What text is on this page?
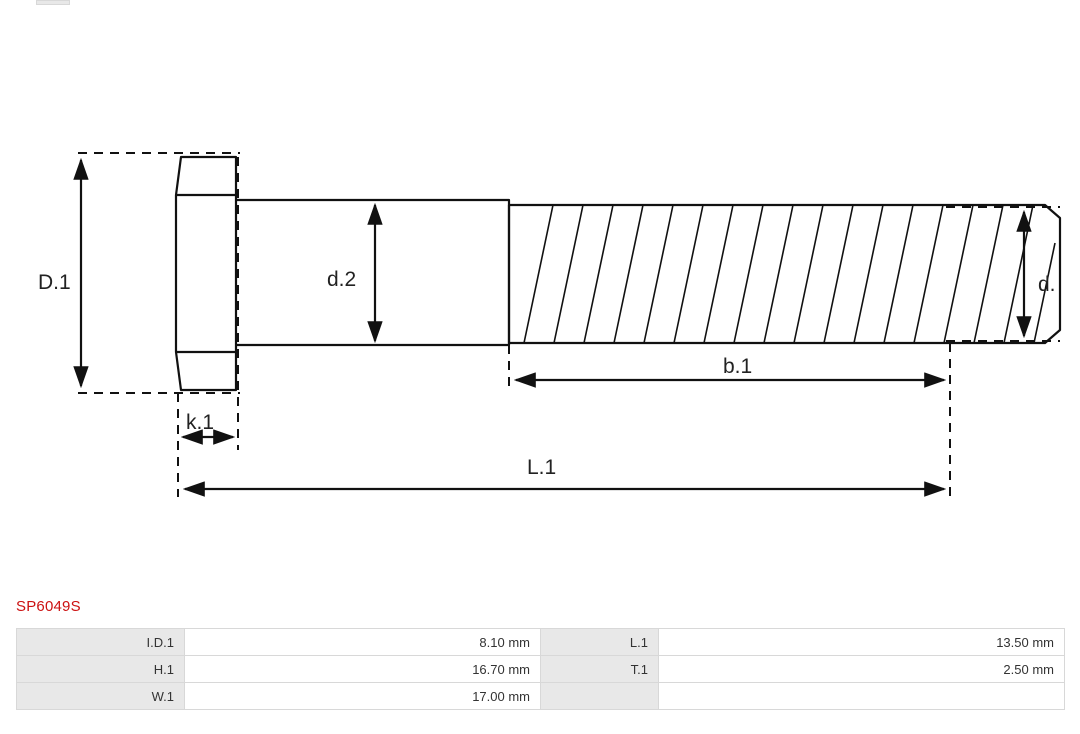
D.1	d.2	d.
k.1
b.1
L.1
SP6049S
I.D.1	8.10 mm	L.1	13.50 mm
H.1	16.70 mm	T.1	2.50 mm
W.1	17.00 mm		
